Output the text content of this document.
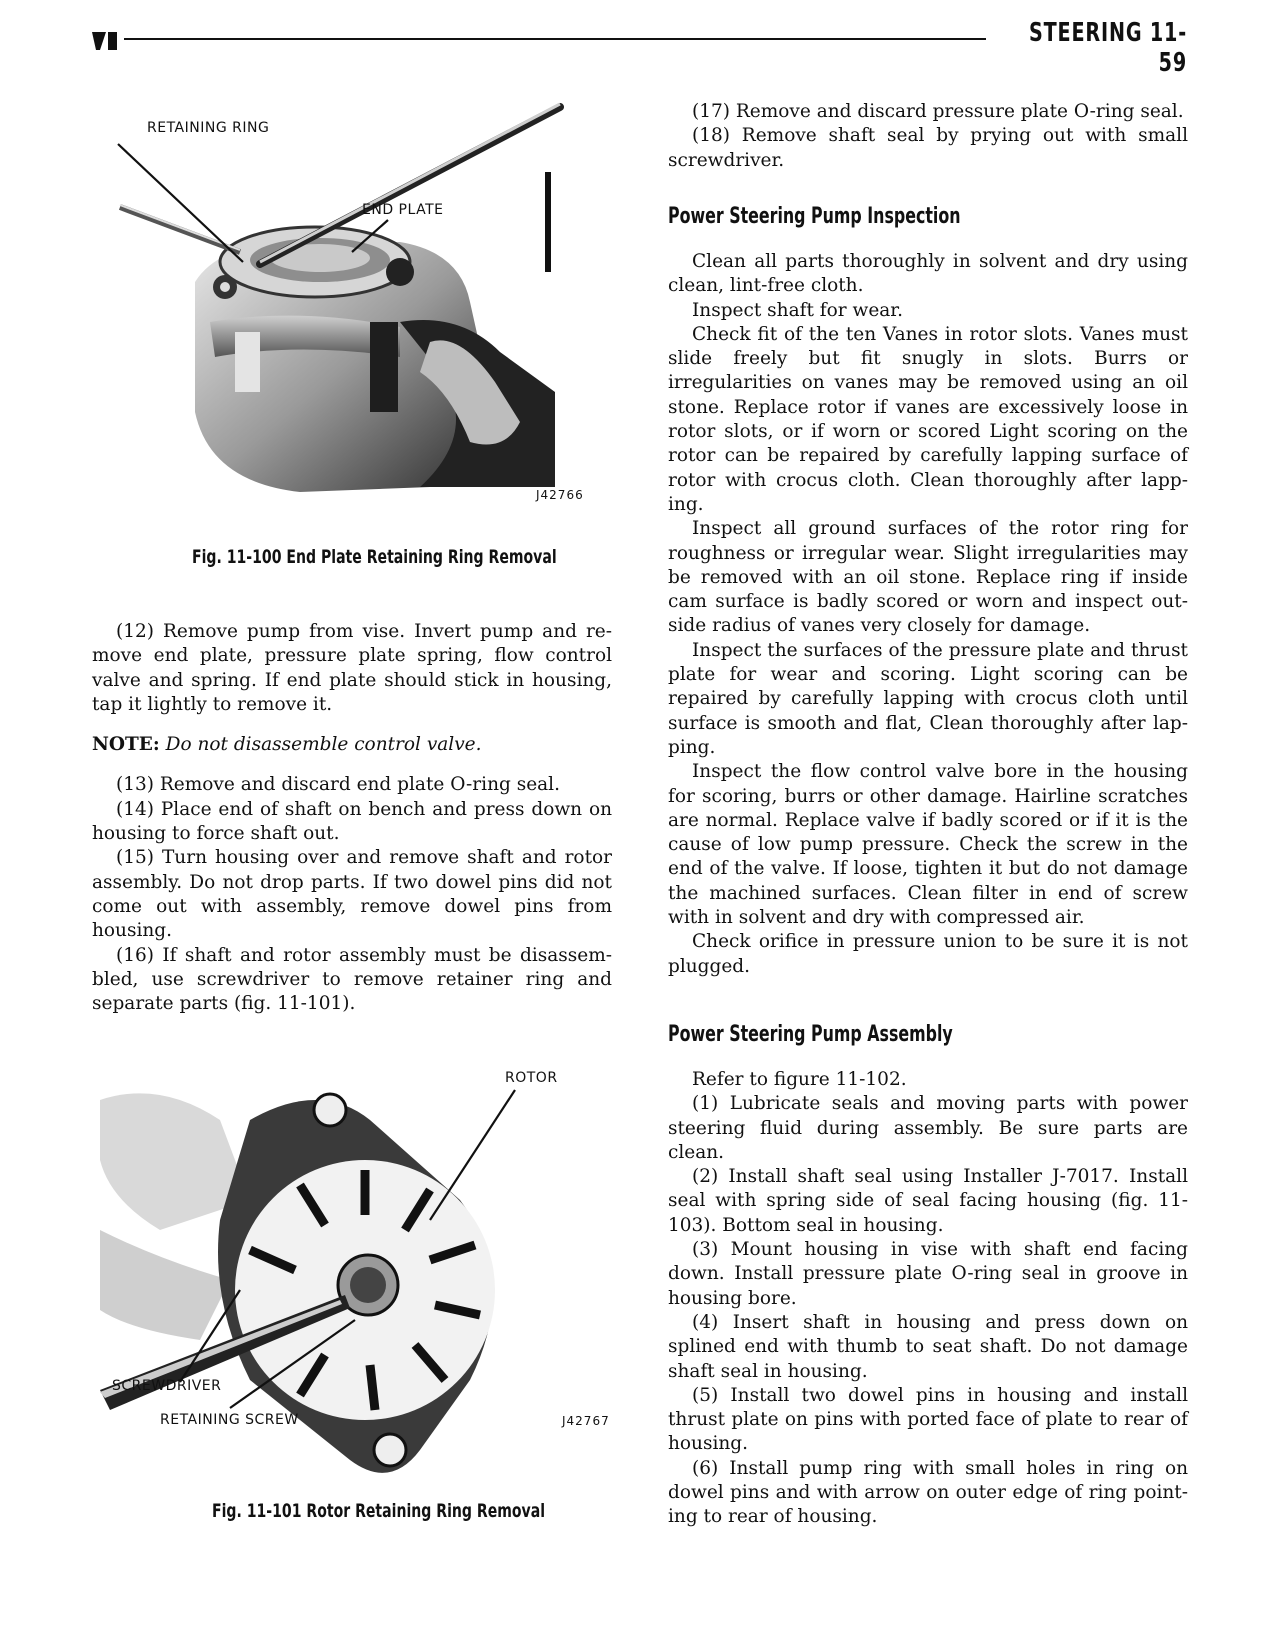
STEERING 11-59
RETAINING RING
END PLATE
J42766
Fig. 11-100 End Plate Retaining Ring Removal

(12) Remove pump from vise. Invert pump and re-move end plate, pressure plate spring, flow control valve and spring. If end plate should stick in housing, tap it lightly to remove it.

NOTE: Do not disassemble control valve.

(13) Remove and discard end plate O-ring seal.

(14) Place end of shaft on bench and press down on housing to force shaft out.

(15) Turn housing over and remove shaft and rotor assembly. Do not drop parts. If two dowel pins did not come out with assembly, remove dowel pins from housing.

(16) If shaft and rotor assembly must be disassem-bled, use screwdriver to remove retainer ring and separate parts (fig. 11-101).

ROTOR
SCREWDRIVER
RETAINING SCREW	J42767
Fig. 11-101 Rotor Retaining Ring Removal

(17) Remove and discard pressure plate O-ring seal.

(18) Remove shaft seal by prying out with small screwdriver.

Power Steering Pump Inspection

Clean all parts thoroughly in solvent and dry using clean, lint-free cloth.

Inspect shaft for wear.

Check fit of the ten Vanes in rotor slots. Vanes must slide freely but fit snugly in slots. Burrs or irregularities on vanes may be removed using an oil stone. Replace rotor if vanes are excessively loose in rotor slots, or if worn or scored Light scoring on the rotor can be repaired by carefully lapping surface of rotor with crocus cloth. Clean thoroughly after lapp-ing.

Inspect all ground surfaces of the rotor ring for roughness or irregular wear. Slight irregularities may be removed with an oil stone. Replace ring if inside cam surface is badly scored or worn and inspect out-side radius of vanes very closely for damage.

Inspect the surfaces of the pressure plate and thrust plate for wear and scoring. Light scoring can be repaired by carefully lapping with crocus cloth until surface is smooth and flat, Clean thoroughly after lap-ping.

Inspect the flow control valve bore in the housing for scoring, burrs or other damage. Hairline scratches are normal. Replace valve if badly scored or if it is the cause of low pump pressure. Check the screw in the end of the valve. If loose, tighten it but do not damage the machined surfaces. Clean filter in end of screw with in solvent and dry with compressed air.

Check orifice in pressure union to be sure it is not plugged.

Power Steering Pump Assembly

Refer to figure 11-102.

(1) Lubricate seals and moving parts with power steering fluid during assembly. Be sure parts are clean.

(2) Install shaft seal using Installer J-7017. Install seal with spring side of seal facing housing (fig. 11-103). Bottom seal in housing.

(3) Mount housing in vise with shaft end facing down. Install pressure plate O-ring seal in groove in housing bore.

(4) Insert shaft in housing and press down on splined end with thumb to seat shaft. Do not damage shaft seal in housing.

(5) Install two dowel pins in housing and install thrust plate on pins with ported face of plate to rear of housing.

(6) Install pump ring with small holes in ring on dowel pins and with arrow on outer edge of ring point-ing to rear of housing.
